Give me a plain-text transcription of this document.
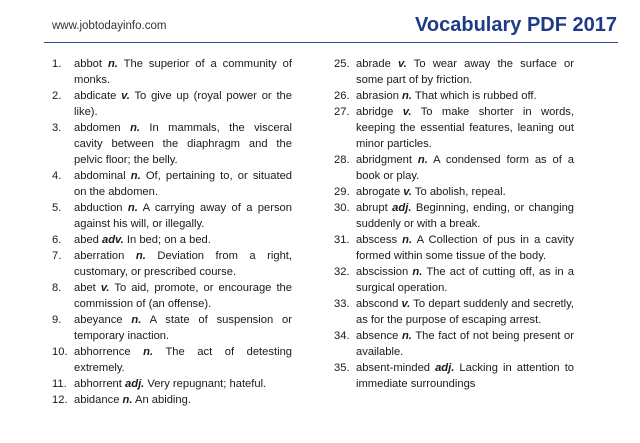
www.jobtodayinfo.com	Vocabulary PDF 2017
1.	abbot n. The superior of a community of monks.
2.	abdicate v. To give up (royal power or the like).
3.	abdomen n. In mammals, the visceral cavity between the diaphragm and the pelvic floor; the belly.
4.	abdominal n. Of, pertaining to, or situated on the abdomen.
5.	abduction n. A carrying away of a person against his will, or illegally.
6.	abed adv. In bed; on a bed.
7.	aberration n. Deviation from a right, customary, or prescribed course.
8.	abet v. To aid, promote, or encourage the commission of (an offense).
9.	abeyance n. A state of suspension or temporary inaction.
10. abhorrence n. The act of detesting extremely.
11. abhorrent adj. Very repugnant; hateful.
12. abidance n. An abiding.
25. abrade v. To wear away the surface or some part of by friction.
26. abrasion n. That which is rubbed off.
27. abridge v. To make shorter in words, keeping the essential features, leaning out minor particles.
28. abridgment n. A condensed form as of a book or play.
29. abrogate v. To abolish, repeal.
30. abrupt adj. Beginning, ending, or changing suddenly or with a break.
31. abscess n. A Collection of pus in a cavity formed within some tissue of the body.
32. abscission n. The act of cutting off, as in a surgical operation.
33. abscond v. To depart suddenly and secretly, as for the purpose of escaping arrest.
34. absence n. The fact of not being present or available.
35. absent-minded adj. Lacking in attention to immediate surroundings
